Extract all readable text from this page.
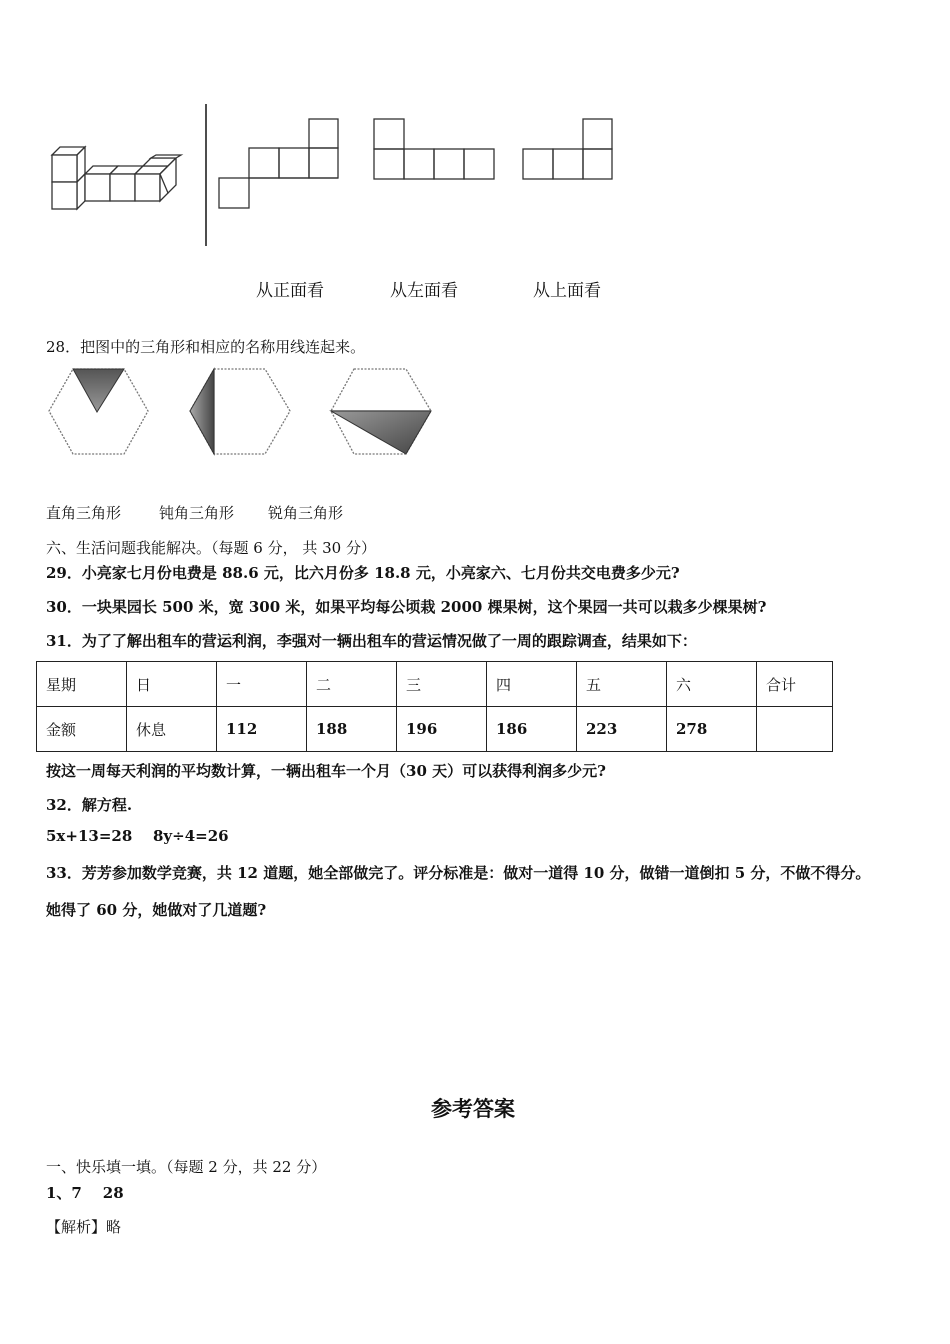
从正面看	从左面看	从上面看
28．把图中的三角形和相应的名称用线连起来。
直角三角形	钝角三角形 锐角三角形
六、生活问题我能解决。（每题 6 分， 共 30 分）
29．小亮家七月份电费是 88.6 元，比六月份多 18.8 元，小亮家六、七月份共交电费多少元?
30．一块果园长 500 米，宽 300 米，如果平均每公顷栽 2000 棵果树，这个果园一共可以栽多少棵果树?
31．为了了解出租车的营运利润，李强对一辆出租车的营运情况做了一周的跟踪调查，结果如下：
星期	日	一	二	三	四	五	六	合计
金额	休息	112	188	196	186	223	278	
按这一周每天利润的平均数计算，一辆出租车一个月（30 天）可以获得利润多少元?
32．解方程.
5x+13=28 8y÷4=26
33．芳芳参加数学竞赛，共 12 道题，她全部做完了。评分标准是：做对一道得 10 分，做错一道倒扣 5 分，不做不得分。
她得了 60 分，她做对了几道题?
参考答案
一、快乐填一填。（每题 2 分，共 22 分）
1、7    28
【解析】略
